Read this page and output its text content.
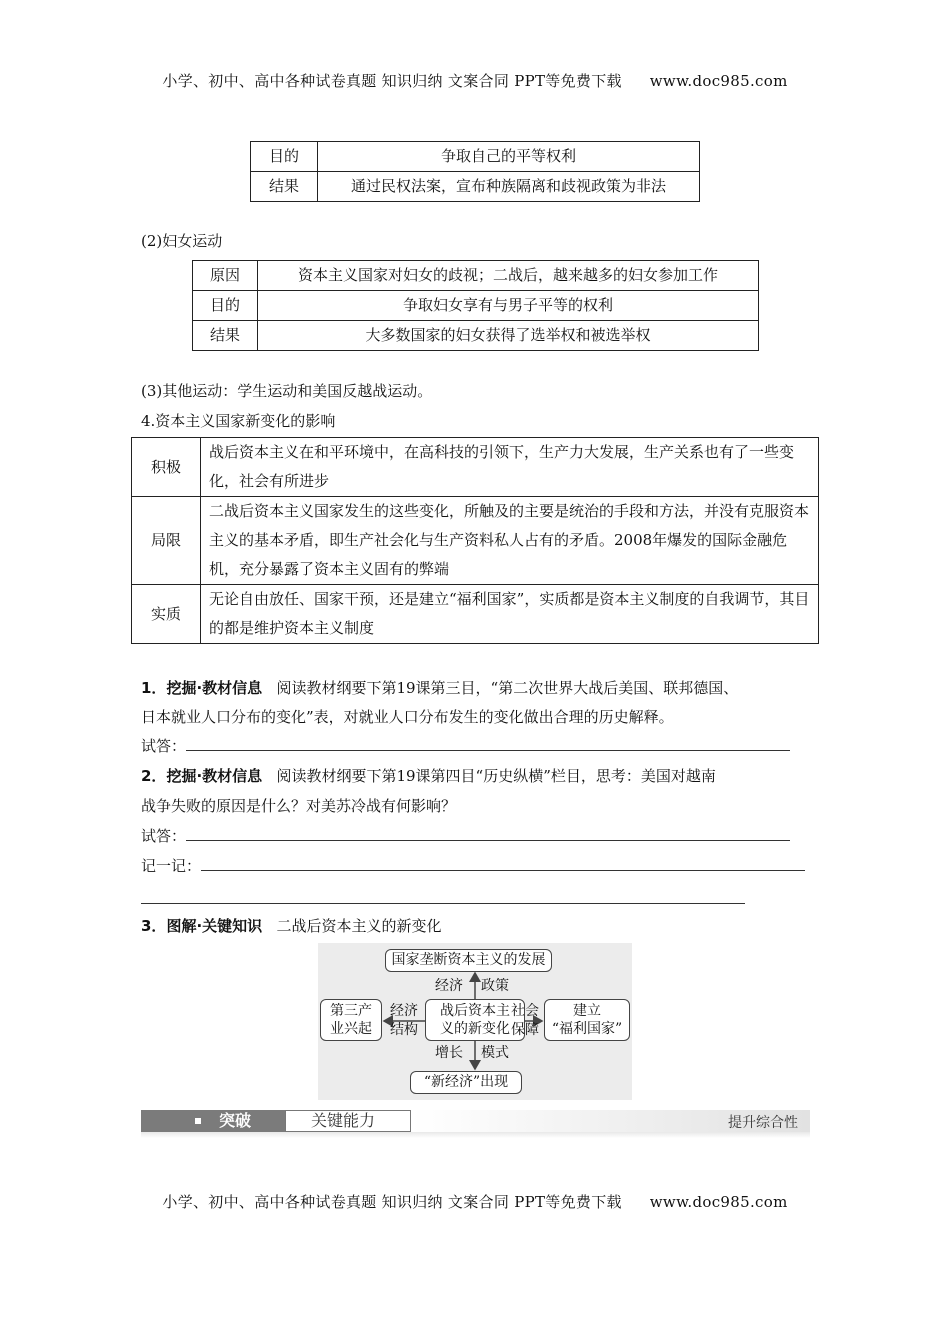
小学、初中、高中各种试卷真题 知识归纳 文案合同 PPT等免费下载 www.doc985.com
目的	争取自己的平等权利
结果	通过民权法案，宣布种族隔离和歧视政策为非法
(2)妇女运动
原因	资本主义国家对妇女的歧视；二战后，越来越多的妇女参加工作
目的	争取妇女享有与男子平等的权利
结果	大多数国家的妇女获得了选举权和被选举权
(3)其他运动：学生运动和美国反越战运动。
4.资本主义国家新变化的影响
积极	战后资本主义在和平环境中，在高科技的引领下，生产力大发展，生产关系也有了一些变化，社会有所进步
局限	二战后资本主义国家发生的这些变化，所触及的主要是统治的手段和方法，并没有克服资本主义的基本矛盾，即生产社会化与生产资料私人占有的矛盾。2008年爆发的国际金融危机，充分暴露了资本主义固有的弊端
实质	无论自由放任、国家干预，还是建立“福利国家”，实质都是资本主义制度的自我调节，其目的都是维护资本主义制度
1．挖掘·教材信息 阅读教材纲要下第19课第三目，“第二次世界大战后美国、联邦德国、
日本就业人口分布的变化”表，对就业人口分布发生的变化做出合理的历史解释。
试答：
2．挖掘·教材信息 阅读教材纲要下第19课第四目“历史纵横”栏目，思考：美国对越南
战争失败的原因是什么？对美苏冷战有何影响？
试答：
记一记：
3．图解·关键知识 二战后资本主义的新变化
国家垄断资本主义的发展
战后资本主
义的新变化
第三产
业兴起
建立
“福利国家”
“新经济”出现
经济 政策
经济
结构
社会
保障
增长 模式
突破	关键能力	提升综合性
小学、初中、高中各种试卷真题 知识归纳 文案合同 PPT等免费下载 www.doc985.com
